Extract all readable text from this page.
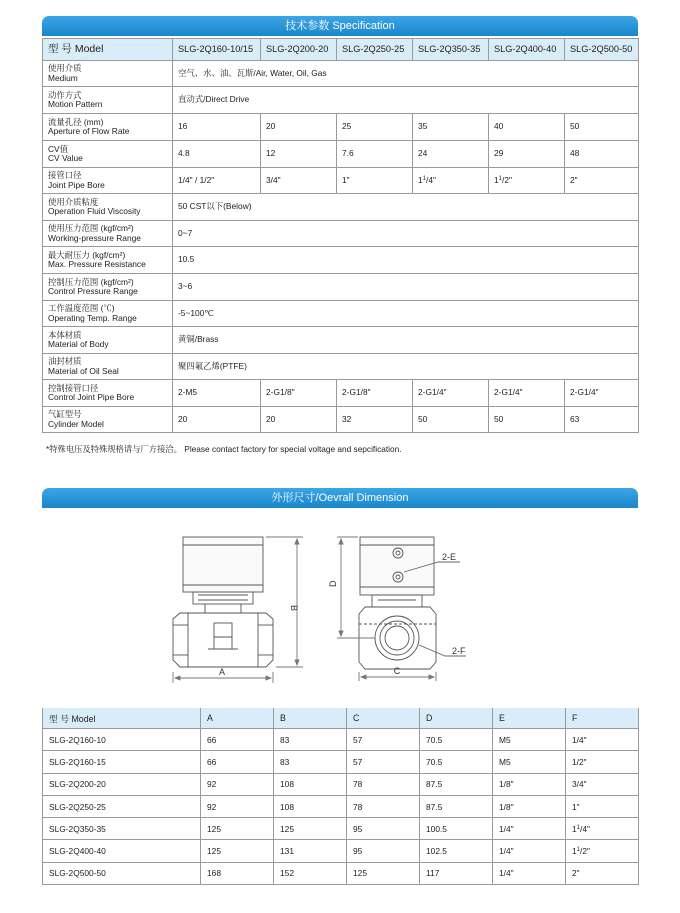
技术参数 Specification
型 号 Model	SLG-2Q160-10/15	SLG-2Q200-20	SLG-2Q250-25	SLG-2Q350-35	SLG-2Q400-40	SLG-2Q500-50
使用介质
Medium	空气、水、油、瓦斯/Air, Water, Oil, Gas					
动作方式
Motion Pattern	直动式/Direct Drive					
流量孔径 (mm)
Aperture of Flow Rate	16	20	25	35	40	50
CV值
CV Value	4.8	12	7.6	24	29	48
接管口径
Joint Pipe Bore	1/4" / 1/2"	3/4"	1"	$1^1/4$"	$1^1/2$"	2"
使用介质粘度
Operation Fluid Viscosity	50 CST以下(Below)					
使用压力范围 (kgf/cm²)
Working-pressure Range	0~7					
最大耐压力 (kgf/cm²)
Max. Pressure Resistance	10.5					
控制压力范围 (kgf/cm²)
Control Pressure Range	3~6					
工作温度范围 (℃)
Operating Temp. Range	-5~100℃					
本体材质
Material of Body	黄铜/Brass					
油封材质
Material of Oil Seal	聚四氟乙烯(PTFE)					
控制接管口径
Control Joint Pipe Bore	2-M5	2-G1/8"	2-G1/8"	2-G1/4"	2-G1/4"	2-G1/4"
气缸型号
Cylinder Model	20	20	32	50	50	63
*特殊电压及特殊规格请与厂方接洽。 Please contact factory for special voltage and sepcification.
外形尺寸/Oevrall Dimension
A
B
D
C
2-E
2-F
型 号 Model	A	B	C	D	E	F
SLG-2Q160-10	66	83	57	70.5	M5	1/4"
SLG-2Q160-15	66	83	57	70.5	M5	1/2"
SLG-2Q200-20	92	108	78	87.5	1/8"	3/4"
SLG-2Q250-25	92	108	78	87.5	1/8"	1"
SLG-2Q350-35	125	125	95	100.5	1/4"	$1^1/4$"
SLG-2Q400-40	125	131	95	102.5	1/4"	$1^1/2$"
SLG-2Q500-50	168	152	125	117	1/4"	2"
